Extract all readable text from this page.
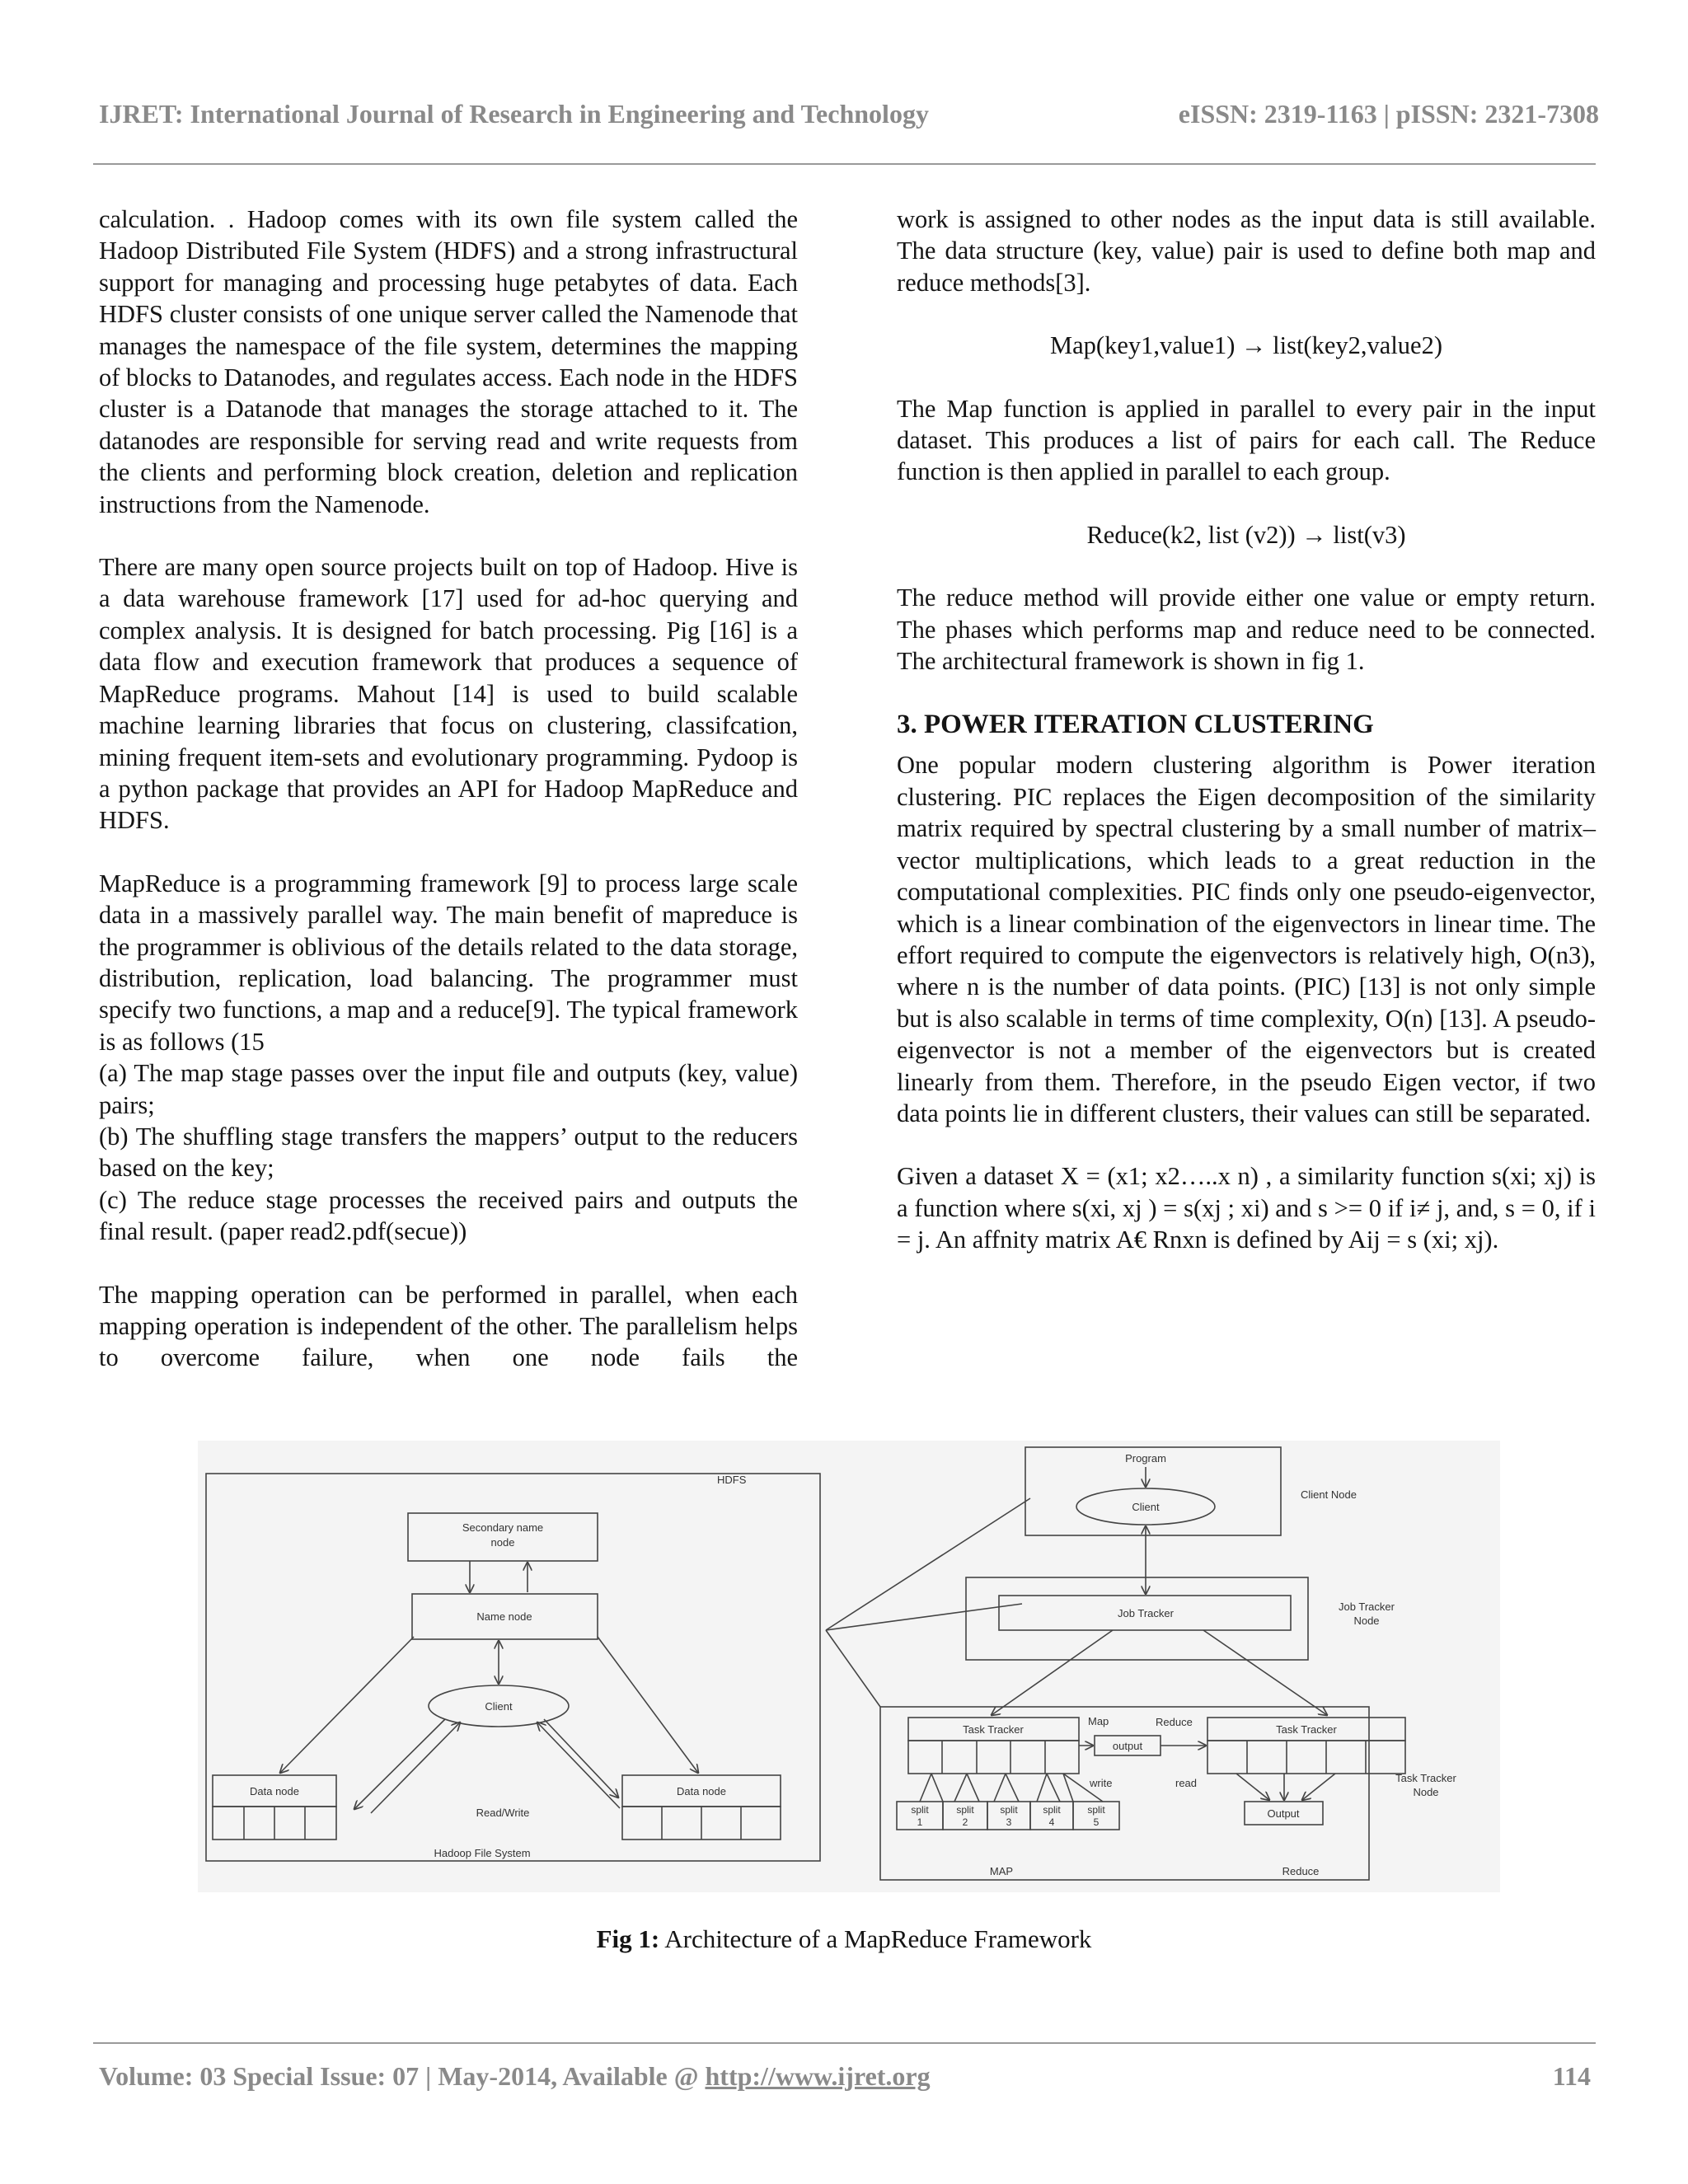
IJRET: International Journal of Research in Engineering and Technology	eISSN: 2319-1163 | pISSN: 2321-7308

calculation. . Hadoop comes with its own file system called the Hadoop Distributed File System (HDFS) and a strong infrastructural support for managing and processing huge petabytes of data. Each HDFS cluster consists of one unique server called the Namenode that manages the namespace of the file system, determines the mapping of blocks to Datanodes, and regulates access. Each node in the HDFS cluster is a Datanode that manages the storage attached to it. The datanodes are responsible for serving read and write requests from the clients and performing block creation, deletion and replication instructions from the Namenode.

There are many open source projects built on top of Hadoop. Hive is a data warehouse framework [17] used for ad-hoc querying and complex analysis. It is designed for batch processing. Pig [16] is a data flow and execution framework that produces a sequence of MapReduce programs. Mahout [14] is used to build scalable machine learning libraries that focus on clustering, classifcation, mining frequent item-sets and evolutionary programming. Pydoop is a python package that provides an API for Hadoop MapReduce and HDFS.

MapReduce is a programming framework [9] to process large scale data in a massively parallel way. The main benefit of mapreduce is the programmer is oblivious of the details related to the data storage, distribution, replication, load balancing. The programmer must specify two functions, a map and a reduce[9]. The typical framework is as follows (15

(a) The map stage passes over the input file and outputs (key, value) pairs;

(b) The shuffling stage transfers the mappers’ output to the reducers based on the key;

(c) The reduce stage processes the received pairs and outputs the final result. (paper read2.pdf(secue))

The mapping operation can be performed in parallel, when each mapping operation is independent of the other. The parallelism helps to overcome failure, when one node fails the

work is assigned to other nodes as the input data is still available. The data structure (key, value) pair is used to define both map and reduce methods[3].

Map(key1,value1) → list(key2,value2)

The Map function is applied in parallel to every pair in the input dataset. This produces a list of pairs for each call. The Reduce function is then applied in parallel to each group.

Reduce(k2, list (v2)) → list(v3)

The reduce method will provide either one value or empty return. The phases which performs map and reduce need to be connected. The architectural framework is shown in fig 1.

3. POWER ITERATION CLUSTERING

One popular modern clustering algorithm is Power iteration clustering. PIC replaces the Eigen decomposition of the similarity matrix required by spectral clustering by a small number of matrix–vector multiplications, which leads to a great reduction in the computational complexities. PIC finds only one pseudo-eigenvector, which is a linear combination of the eigenvectors in linear time. The effort required to compute the eigenvectors is relatively high, O(n3), where n is the number of data points. (PIC) [13] is not only simple but is also scalable in terms of time complexity, O(n) [13]. A pseudo-eigenvector is not a member of the eigenvectors but is created linearly from them. Therefore, in the pseudo Eigen vector, if two data points lie in different clusters, their values can still be separated.

Given a dataset X = (x1; x2…..x n) , a similarity function s(xi; xj) is a function where s(xi, xj ) = s(xj ; xi) and s >= 0 if i≠ j, and, s = 0, if i = j. An affnity matrix A€ Rnxn is defined by Aij = s (xi; xj).

HDFS
Secondary name
node
Name node
Client
Data node	Data node
Read/Write
Hadoop File System
Program
Client
Client Node
Job Tracker
Job Tracker
Node
Task Tracker	Task Tracker
Map	Reduce
output
write	read
split
1
split
2
split
3
split
4
split
5
Output
MAP	Reduce
Task Tracker
Node
Fig 1: Architecture of a MapReduce Framework
Volume: 03 Special Issue: 07 | May-2014, Available @ http://www.ijret.org	114
